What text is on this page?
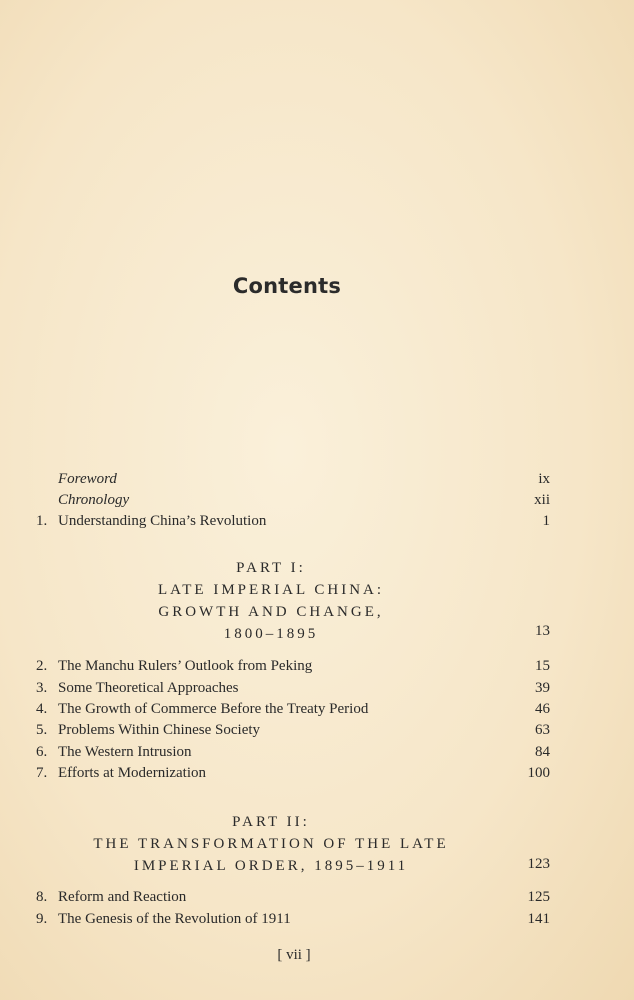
Contents
Foreword	ix
Chronology	xii
1. Understanding China’s Revolution	1
PART I:
LATE IMPERIAL CHINA:
GROWTH AND CHANGE,
1800–1895	13
2. The Manchu Rulers’ Outlook from Peking	15
3. Some Theoretical Approaches	39
4. The Growth of Commerce Before the Treaty Period	46
5. Problems Within Chinese Society	63
6. The Western Intrusion	84
7. Efforts at Modernization	100
PART II:
THE TRANSFORMATION OF THE LATE
IMPERIAL ORDER, 1895–1911	123
8. Reform and Reaction	125
9. The Genesis of the Revolution of 1911	141
[ vii ]
